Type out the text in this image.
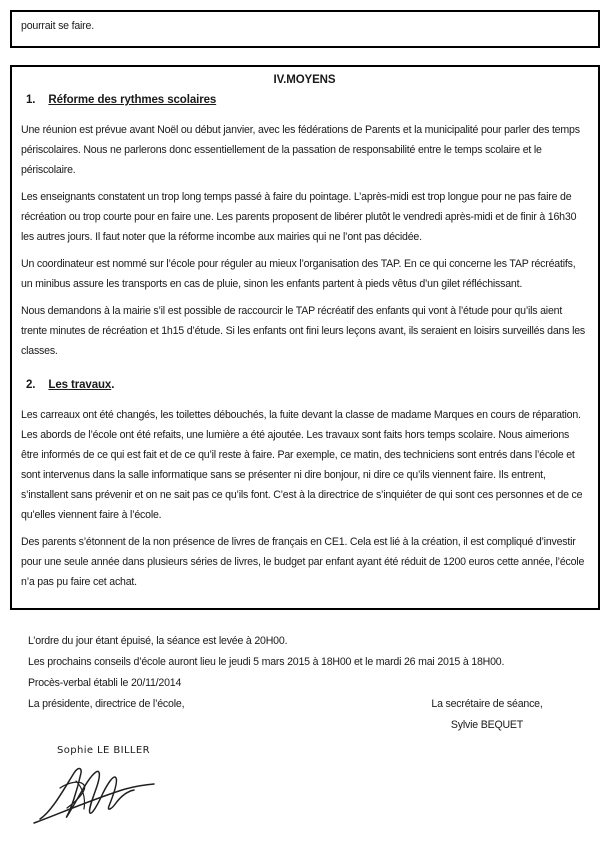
pourrait se faire.

IV.MOYENS
1. Réforme des rythmes scolaires

Une réunion est prévue avant Noël ou début janvier, avec les fédérations de Parents et la municipalité pour parler des temps périscolaires. Nous ne parlerons donc essentiellement de la passation de responsabilité entre le temps scolaire et le périscolaire.

Les enseignants constatent un trop long temps passé à faire du pointage. L’après-midi est trop longue pour ne pas faire de récréation ou trop courte pour en faire une. Les parents proposent de libérer plutôt le vendredi après-midi et de finir à 16h30 les autres jours. Il faut noter que la réforme incombe aux mairies qui ne l’ont pas décidée.

Un coordinateur est nommé sur l’école pour réguler au mieux l’organisation des TAP. En ce qui concerne les TAP récréatifs, un minibus assure les transports en cas de pluie, sinon les enfants partent à pieds vêtus d’un gilet réfléchissant.

Nous demandons à la mairie s’il est possible de raccourcir le TAP récréatif des enfants qui vont à l’étude pour qu’ils aient trente minutes de récréation et 1h15 d’étude. Si les enfants ont fini leurs leçons avant, ils seraient en loisirs surveillés dans les classes.

2. Les travaux.

Les carreaux ont été changés, les toilettes débouchés, la fuite devant la classe de madame Marques en cours de réparation. Les abords de l’école ont été refaits, une lumière a été ajoutée. Les travaux sont faits hors temps scolaire. Nous aimerions être informés de ce qui est fait et de ce qu’il reste à faire. Par exemple, ce matin, des techniciens sont entrés dans l’école et sont intervenus dans la salle informatique sans se présenter ni dire bonjour, ni dire ce qu’ils viennent faire. Ils entrent, s’installent sans prévenir et on ne sait pas ce qu’ils font. C’est à la directrice de s’inquiéter de qui sont ces personnes et de ce qu’elles viennent faire à l’école.

Des parents s’étonnent de la non présence de livres de français en CE1. Cela est lié à la création, il est compliqué d’investir pour une seule année dans plusieurs séries de livres, le budget par enfant ayant été réduit de 1200 euros cette année, l’école n’a pas pu faire cet achat.

L’ordre du jour étant épuisé, la séance est levée à 20H00.

Les prochains conseils d’école auront lieu le jeudi 5 mars 2015 à 18H00 et le mardi 26 mai 2015 à 18H00.

Procès-verbal établi le 20/11/2014

La présidente, directrice de l’école,	La secrétaire de séance,

Sylvie BEQUET

Sophie LE BILLER
